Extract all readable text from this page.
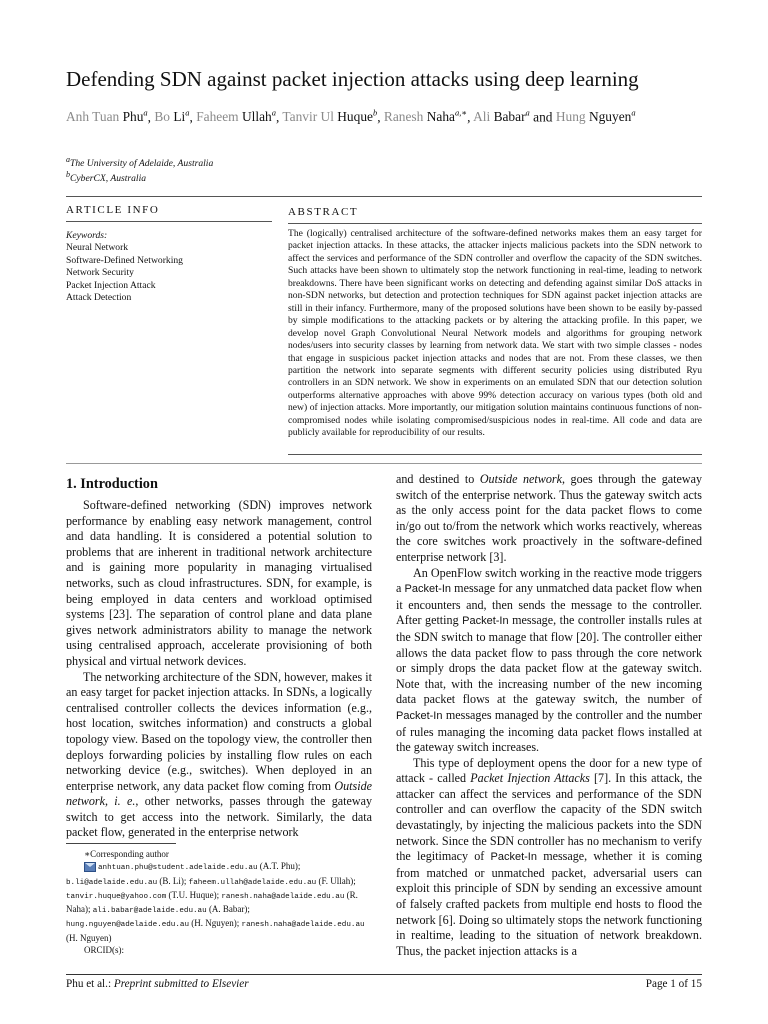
Defending SDN against packet injection attacks using deep learning
Anh Tuan Phu$^a$, Bo Li$^a$, Faheem Ullah$^a$, Tanvir Ul Huque$^b$, Ranesh Naha$^{a,∗}$, Ali Babar$^a$ and Hung Nguyen$^a$
$^a$The University of Adelaide, Australia
$^b$CyberCX, Australia
ARTICLE INFO	ABSTRACT
Keywords:
Neural Network
Software-Defined Networking
Network Security
Packet Injection Attack
Attack Detection
The (logically) centralised architecture of the software-defined networks makes them an easy target for packet injection attacks. In these attacks, the attacker injects malicious packets into the SDN network to affect the services and performance of the SDN controller and overflow the capacity of the SDN switches. Such attacks have been shown to ultimately stop the network functioning in real-time, leading to network breakdowns. There have been significant works on detecting and defending against similar DoS attacks in non-SDN networks, but detection and protection techniques for SDN against packet injection attacks are still in their infancy. Furthermore, many of the proposed solutions have been shown to be easily by-passed by simple modifications to the attacking packets or by altering the attacking profile. In this paper, we develop novel Graph Convolutional Neural Network models and algorithms for grouping network nodes/users into security classes by learning from network data. We start with two simple classes - nodes that engage in suspicious packet injection attacks and nodes that are not. From these classes, we then partition the network into separate segments with different security policies using distributed Ryu controllers in an SDN network. We show in experiments on an emulated SDN that our detection solution outperforms alternative approaches with above 99% detection accuracy on various types (both old and new) of injection attacks. More importantly, our mitigation solution maintains continuous functions of non-compromised nodes while isolating compromised/suspicious nodes in real-time. All code and data are publicly available for reproducibility of our results.
1. Introduction

Software-defined networking (SDN) improves network performance by enabling easy network management, control and data handling. It is considered a potential solution to problems that are inherent in traditional network architecture and is gaining more popularity in managing virtualised networks, such as cloud infrastructures. SDN, for example, is being employed in data centers and workload optimised systems [23]. The separation of control plane and data plane gives network administrators ability to manage the network using centralised approach, accelerate provisioning of both physical and virtual network devices.

The networking architecture of the SDN, however, makes it an easy target for packet injection attacks. In SDNs, a logically centralised controller collects the devices information (e.g., host location, switches information) and constructs a global topology view. Based on the topology view, the controller then deploys forwarding policies by installing flow rules on each networking device (e.g., switches). When deployed in an enterprise network, any data packet flow coming from Outside network, i. e., other networks, passes through the gateway switch to get access into the network. Similarly, the data packet flow, generated in the enterprise network

and destined to Outside network, goes through the gateway switch of the enterprise network. Thus the gateway switch acts as the only access point for the data packet flows to come in/go out to/from the network which works reactively, whereas the core switches work proactively in the software-defined enterprise network [3].

An OpenFlow switch working in the reactive mode triggers a Packet-In message for any unmatched data packet flow when it encounters and, then sends the message to the controller. After getting Packet-In message, the controller installs rules at the SDN switch to manage that flow [20]. The controller either allows the data packet flow to pass through the core network or simply drops the data packet flow at the gateway switch. Note that, with the increasing number of the new incoming data packet flows at the gateway switch, the number of Packet-In messages managed by the controller and the number of rules managing the incoming data packet flows installed at the gateway switch increases.

This type of deployment opens the door for a new type of attack - called Packet Injection Attacks [7]. In this attack, the attacker can affect the services and performance of the SDN controller and can overflow the capacity of the SDN switch devastatingly, by injecting the malicious packets into the SDN network. Since the SDN controller has no mechanism to verify the legitimacy of Packet-In message, whether it is coming from matched or unmatched packet, adversarial users can exploit this principle of SDN by sending an excessive amount of falsely crafted packets from multiple end hosts to flood the network [6]. Doing so ultimately stops the network functioning in realtime, leading to the situation of network breakdown. Thus, the packet injection attacks is a

∗Corresponding author
anhtuan.phu@student.adelaide.edu.au (A.T. Phu); b.li@adelaide.edu.au (B. Li); faheem.ullah@adelaide.edu.au (F. Ullah); tanvir.huque@yahoo.com (T.U. Huque); ranesh.naha@adelaide.edu.au (R. Naha); ali.babar@adelaide.edu.au (A. Babar); hung.nguyen@adelaide.edu.au (H. Nguyen); ranesh.naha@adelaide.edu.au (H. Nguyen)
ORCID(s):
Phu et al.: Preprint submitted to Elsevier	Page 1 of 15
